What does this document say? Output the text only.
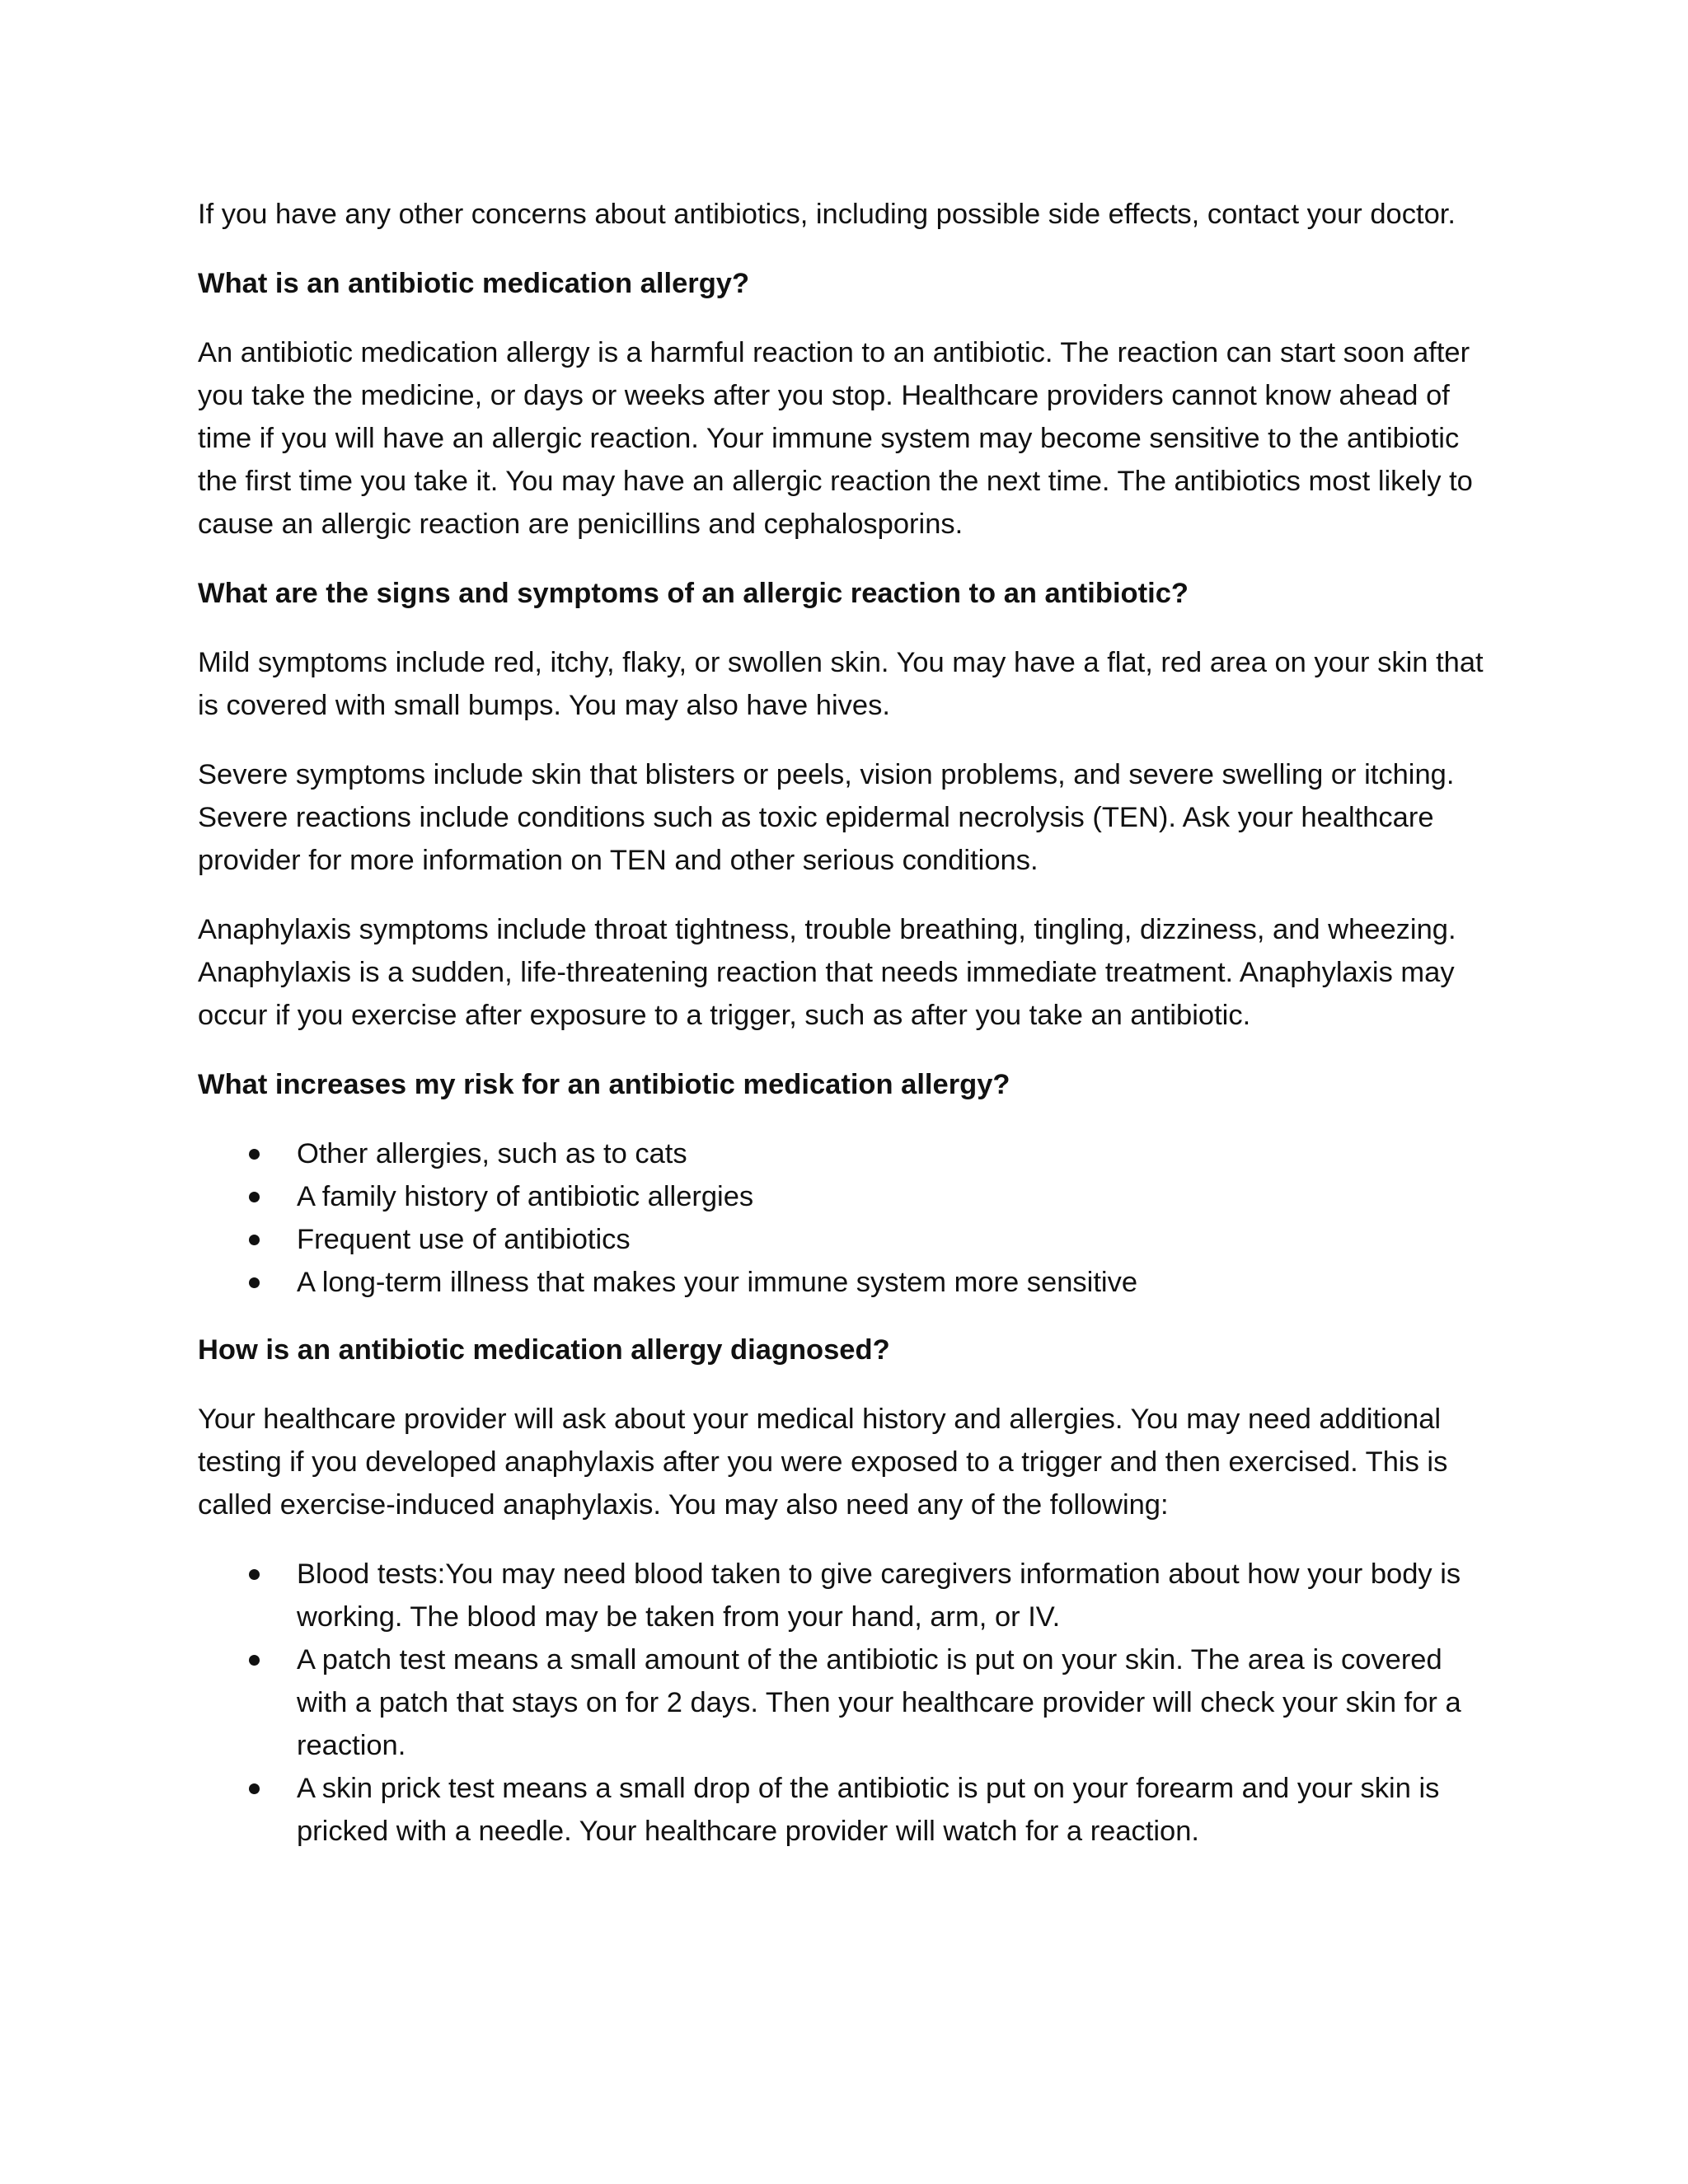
If you have any other concerns about antibiotics, including possible side effects, contact your doctor.

What is an antibiotic medication allergy?

An antibiotic medication allergy is a harmful reaction to an antibiotic. The reaction can start soon after you take the medicine, or days or weeks after you stop. Healthcare providers cannot know ahead of time if you will have an allergic reaction. Your immune system may become sensitive to the antibiotic the first time you take it. You may have an allergic reaction the next time. The antibiotics most likely to cause an allergic reaction are penicillins and cephalosporins.

What are the signs and symptoms of an allergic reaction to an antibiotic?

Mild symptoms include red, itchy, flaky, or swollen skin. You may have a flat, red area on your skin that is covered with small bumps. You may also have hives.

Severe symptoms include skin that blisters or peels, vision problems, and severe swelling or itching. Severe reactions include conditions such as toxic epidermal necrolysis (TEN). Ask your healthcare provider for more information on TEN and other serious conditions.

Anaphylaxis symptoms include throat tightness, trouble breathing, tingling, dizziness, and wheezing. Anaphylaxis is a sudden, life-threatening reaction that needs immediate treatment. Anaphylaxis may occur if you exercise after exposure to a trigger, such as after you take an antibiotic.

What increases my risk for an antibiotic medication allergy?

Other allergies, such as to cats
A family history of antibiotic allergies
Frequent use of antibiotics
A long-term illness that makes your immune system more sensitive

How is an antibiotic medication allergy diagnosed?

Your healthcare provider will ask about your medical history and allergies. You may need additional testing if you developed anaphylaxis after you were exposed to a trigger and then exercised. This is called exercise-induced anaphylaxis. You may also need any of the following:

Blood tests:You may need blood taken to give caregivers information about how your body is working. The blood may be taken from your hand, arm, or IV.
A patch test means a small amount of the antibiotic is put on your skin. The area is covered with a patch that stays on for 2 days. Then your healthcare provider will check your skin for a reaction.
A skin prick test means a small drop of the antibiotic is put on your forearm and your skin is pricked with a needle. Your healthcare provider will watch for a reaction.
